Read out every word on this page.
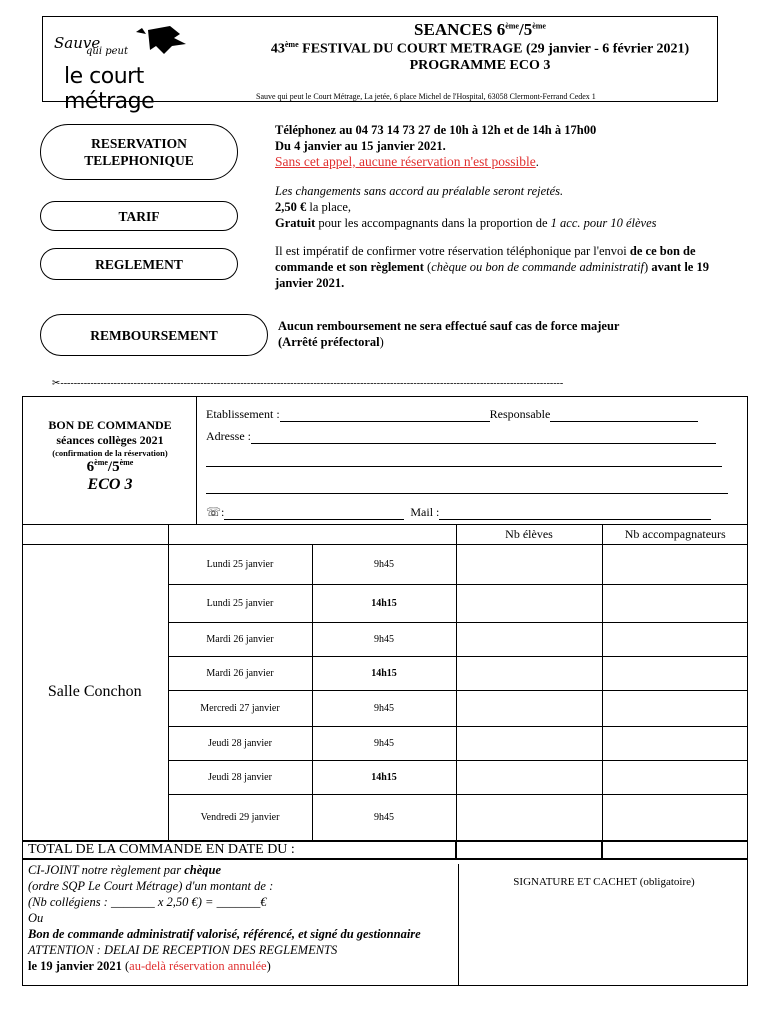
Sauve
qui peut
le court métrage
SEANCES 6ème/5ème
43ème FESTIVAL DU COURT METRAGE (29 janvier - 6 février 2021)
PROGRAMME ECO 3
Sauve qui peut le Court Métrage, La jetée, 6 place Michel de l'Hospital, 63058 Clermont-Ferrand Cedex 1
RESERVATION
TELEPHONIQUE
Téléphonez au 04 73 14 73 27 de 10h à 12h et de 14h à 17h00
Du 4 janvier au 15 janvier 2021.
Sans cet appel, aucune réservation n'est possible.
TARIF
Les changements sans accord au préalable seront rejetés.
2,50 € la place,
Gratuit pour les accompagnants dans la proportion de 1 acc. pour 10 élèves
REGLEMENT
Il est impératif de confirmer votre réservation téléphonique par l'envoi de ce bon de commande et son règlement (chèque ou bon de commande administratif) avant le 19 janvier 2021.
REMBOURSEMENT
Aucun remboursement ne sera effectué sauf cas de force majeur
(Arrêté préfectoral)
✂-------------------------------------------------------------------------------------------------------------------------------------------------------
BON DE COMMANDE
séances collèges 2021
(confirmation de la réservation)
6ème/5ème
ECO 3
Etablissement :	Responsable
Adresse :

☏ :	Mail :
			Nb élèves	Nb accompagnateurs
Salle Conchon	Lundi 25 janvier	9h45		
	Lundi 25 janvier	14h15		
	Mardi 26 janvier	9h45		
	Mardi 26 janvier	14h15		
	Mercredi 27 janvier	9h45		
	Jeudi 28 janvier	9h45		
	Jeudi 28 janvier	14h15		
	Vendredi 29 janvier	9h45		
TOTAL DE LA COMMANDE EN DATE DU :				
CI-JOINT notre règlement par chèque
(ordre SQP Le Court Métrage) d'un montant de :
(Nb collégiens : _______ x 2,50 €) = _______€
Ou
Bon de commande administratif valorisé, référencé, et signé du gestionnaire
ATTENTION : DELAI DE RECEPTION DES REGLEMENTS
le 19 janvier 2021 (au-delà réservation annulée)
SIGNATURE ET CACHET (obligatoire)
